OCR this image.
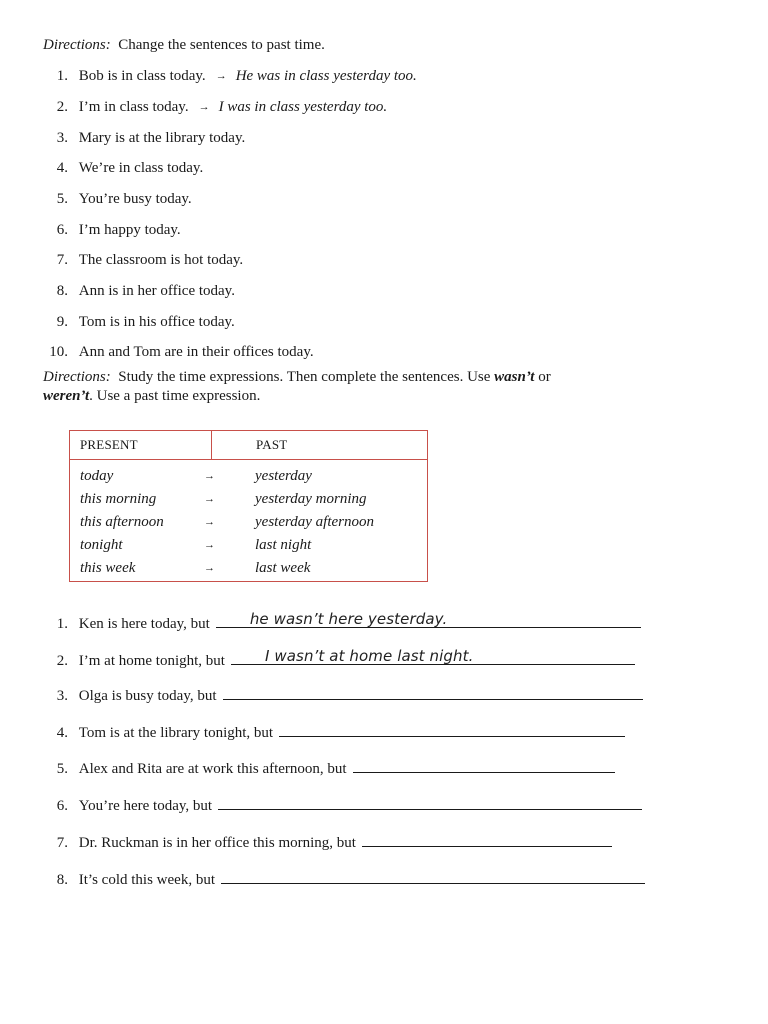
Directions: Change the sentences to past time.
1. Bob is in class today. → He was in class yesterday too.
2. I’m in class today. → I was in class yesterday too.
3. Mary is at the library today.
4. We’re in class today.
5. You’re busy today.
6. I’m happy today.
7. The classroom is hot today.
8. Ann is in her office today.
9. Tom is in his office today.
10. Ann and Tom are in their offices today.
Directions: Study the time expressions. Then complete the sentences. Use wasn’t or
weren’t. Use a past time expression.
PRESENT	PAST
today	→	yesterday
this morning	→	yesterday morning
this afternoon	→	yesterday afternoon
tonight	→	last night
this week	→	last week
1. Ken is here today, but	he wasn’t here yesterday.
2. I’m at home tonight, but	I wasn’t at home last night.
3. Olga is busy today, but
4. Tom is at the library tonight, but
5. Alex and Rita are at work this afternoon, but
6. You’re here today, but
7. Dr. Ruckman is in her office this morning, but
8. It’s cold this week, but
